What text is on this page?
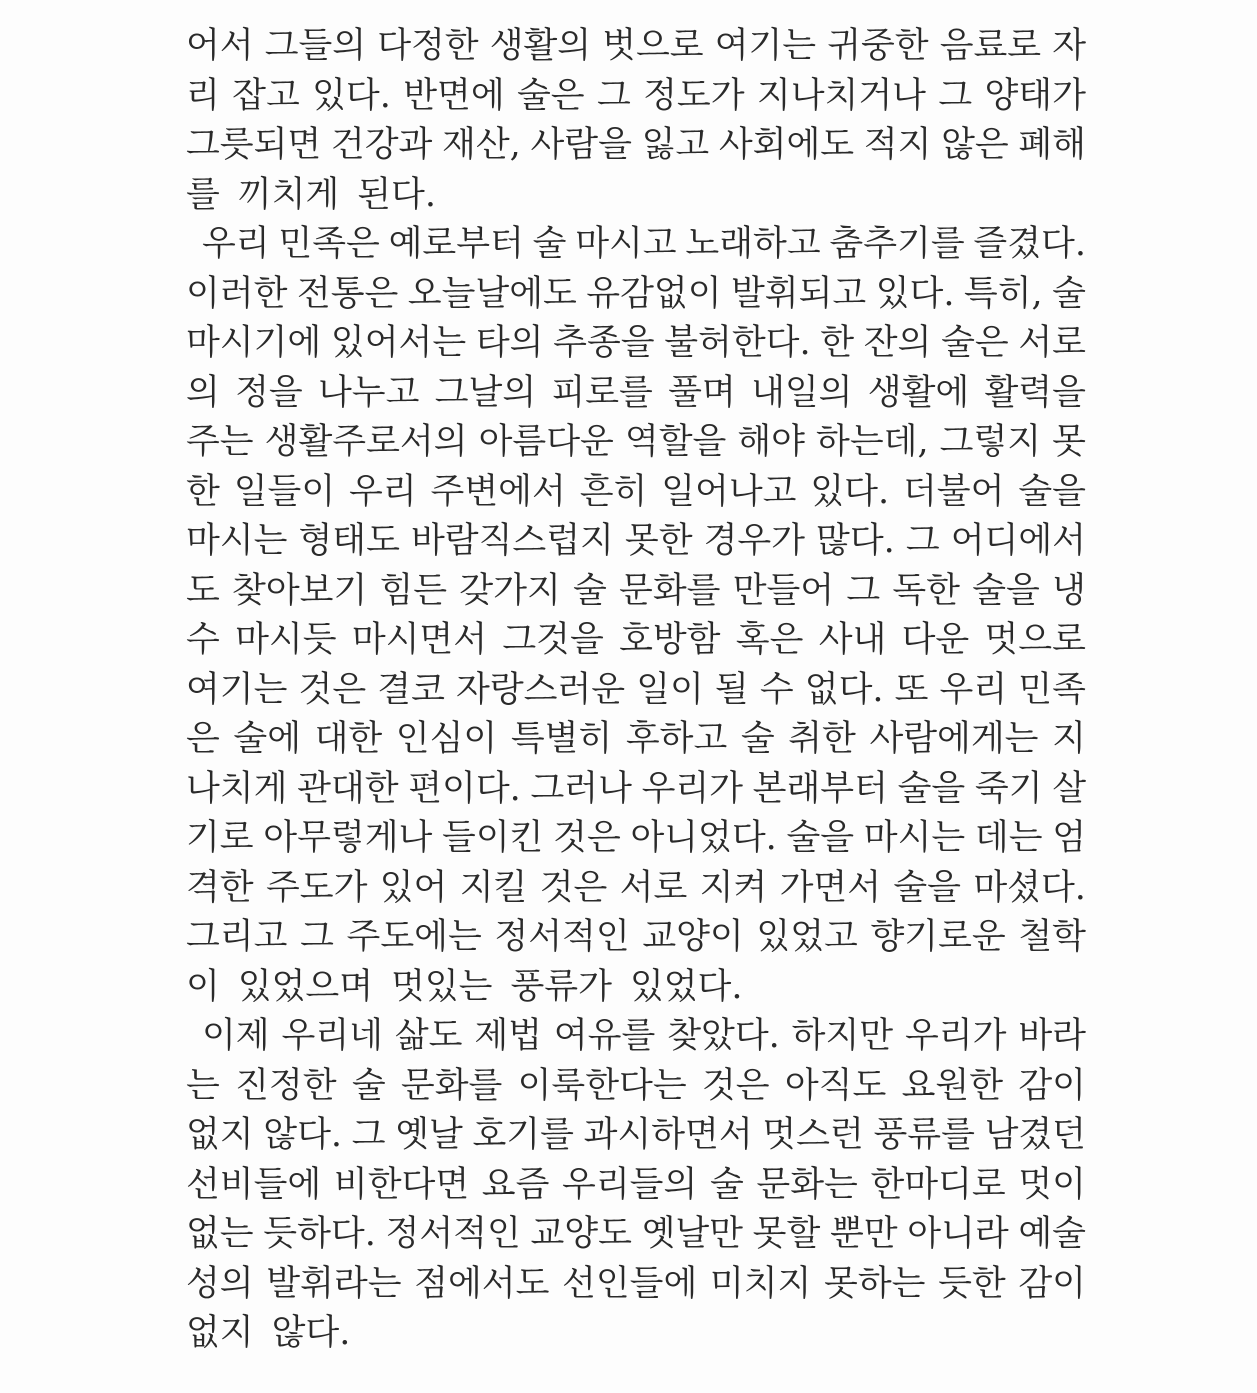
어서 그들의 다정한 생활의 벗으로 여기는 귀중한 음료로 자
리 잡고 있다. 반면에 술은 그 정도가 지나치거나 그 양태가
그릇되면 건강과 재산, 사람을 잃고 사회에도 적지 않은 폐해
를 끼치게 된다.
우리 민족은 예로부터 술 마시고 노래하고 춤추기를 즐겼다.
이러한 전통은 오늘날에도 유감없이 발휘되고 있다. 특히, 술
마시기에 있어서는 타의 추종을 불허한다. 한 잔의 술은 서로
의 정을 나누고 그날의 피로를 풀며 내일의 생활에 활력을
주는 생활주로서의 아름다운 역할을 해야 하는데, 그렇지 못
한 일들이 우리 주변에서 흔히 일어나고 있다. 더불어 술을
마시는 형태도 바람직스럽지 못한 경우가 많다. 그 어디에서
도 찾아보기 힘든 갖가지 술 문화를 만들어 그 독한 술을 냉
수 마시듯 마시면서 그것을 호방함 혹은 사내 다운 멋으로
여기는 것은 결코 자랑스러운 일이 될 수 없다. 또 우리 민족
은 술에 대한 인심이 특별히 후하고 술 취한 사람에게는 지
나치게 관대한 편이다. 그러나 우리가 본래부터 술을 죽기 살
기로 아무렇게나 들이킨 것은 아니었다. 술을 마시는 데는 엄
격한 주도가 있어 지킬 것은 서로 지켜 가면서 술을 마셨다.
그리고 그 주도에는 정서적인 교양이 있었고 향기로운 철학
이 있었으며 멋있는 풍류가 있었다.
이제 우리네 삶도 제법 여유를 찾았다. 하지만 우리가 바라
는 진정한 술 문화를 이룩한다는 것은 아직도 요원한 감이
없지 않다. 그 옛날 호기를 과시하면서 멋스런 풍류를 남겼던
선비들에 비한다면 요즘 우리들의 술 문화는 한마디로 멋이
없는 듯하다. 정서적인 교양도 옛날만 못할 뿐만 아니라 예술
성의 발휘라는 점에서도 선인들에 미치지 못하는 듯한 감이
없지 않다.
